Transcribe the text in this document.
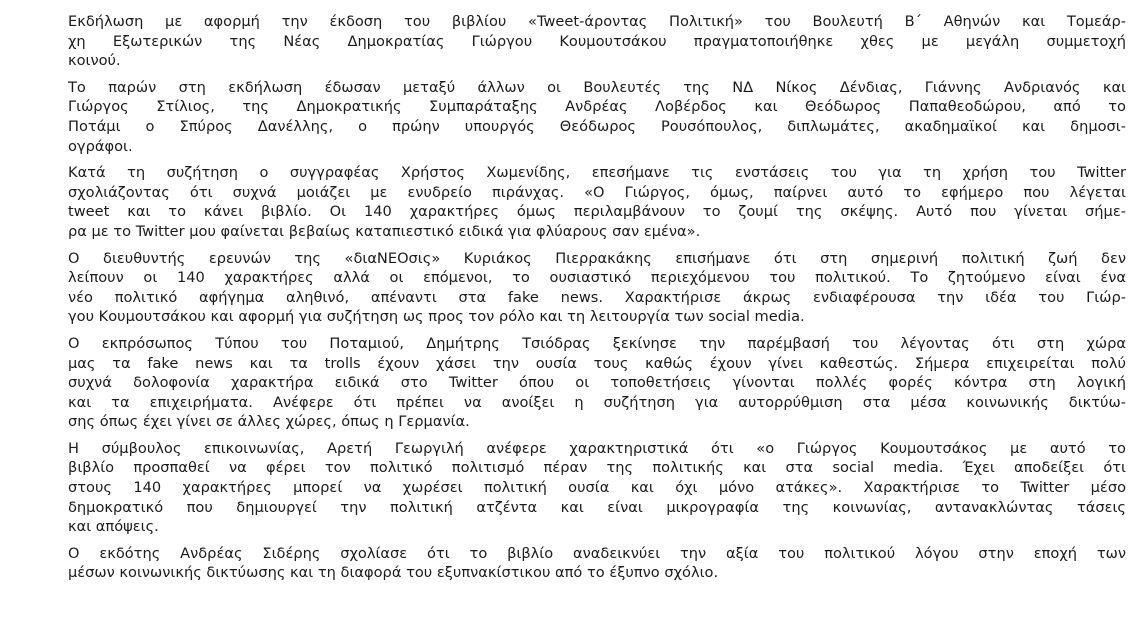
Εκδήλωση με αφορμή την έκδοση του βιβλίου «Tweet-άροντας Πολιτική» του Βουλευτή Β΄ Αθηνών και Τομεάρ-
χη Εξωτερικών της Νέας Δημοκρατίας Γιώργου Κουμουτσάκου πραγματοποιήθηκε χθες με μεγάλη συμμετοχή
κοινού.

Το παρών στη εκδήλωση έδωσαν μεταξύ άλλων οι Βουλευτές της ΝΔ Νίκος Δένδιας, Γιάννης Ανδριανός και
Γιώργος Στίλιος, της Δημοκρατικής Συμπαράταξης Ανδρέας Λοβέρδος και Θεόδωρος Παπαθεοδώρου, από το
Ποτάμι ο Σπύρος Δανέλλης, ο πρώην υπουργός Θεόδωρος Ρουσόπουλος, διπλωμάτες, ακαδημαϊκοί και δημοσι-
ογράφοι.

Κατά τη συζήτηση ο συγγραφέας Χρήστος Χωμενίδης, επεσήμανε τις ενστάσεις του για τη χρήση του Twitter
σχολιάζοντας ότι συχνά μοιάζει με ενυδρείο πιράνχας. «Ο Γιώργος, όμως, παίρνει αυτό το εφήμερο που λέγεται
tweet και το κάνει βιβλίο. Οι 140 χαρακτήρες όμως περιλαμβάνουν το ζουμί της σκέψης. Αυτό που γίνεται σήμε-
ρα με το Twitter μου φαίνεται βεβαίως καταπιεστικό ειδικά για φλύαρους σαν εμένα».

Ο διευθυντής ερευνών της «διαΝΕΟσις» Κυριάκος Πιερρακάκης επισήμανε ότι στη σημερινή πολιτική ζωή δεν
λείπουν οι 140 χαρακτήρες αλλά οι επόμενοι, το ουσιαστικό περιεχόμενου του πολιτικού. Το ζητούμενο είναι ένα
νέο πολιτικό αφήγημα αληθινό, απέναντι στα fake news. Χαρακτήρισε άκρως ενδιαφέρουσα την ιδέα του Γιώρ-
γου Κουμουτσάκου και αφορμή για συζήτηση ως προς τον ρόλο και τη λειτουργία των social media.

Ο εκπρόσωπος Τύπου του Ποταμιού, Δημήτρης Τσιόδρας ξεκίνησε την παρέμβασή του λέγοντας ότι στη χώρα
μας τα fake news και τα trolls έχουν χάσει την ουσία τους καθώς έχουν γίνει καθεστώς. Σήμερα επιχειρείται πολύ
συχνά δολοφονία χαρακτήρα ειδικά στο Twitter όπου οι τοποθετήσεις γίνονται πολλές φορές κόντρα στη λογική
και τα επιχειρήματα. Ανέφερε ότι πρέπει να ανοίξει η συζήτηση για αυτορρύθμιση στα μέσα κοινωνικής δικτύω-
σης όπως έχει γίνει σε άλλες χώρες, όπως η Γερμανία.

Η σύμβουλος επικοινωνίας, Αρετή Γεωργιλή ανέφερε χαρακτηριστικά ότι «ο Γιώργος Κουμουτσάκος με αυτό το
βιβλίο προσπαθεί να φέρει τον πολιτικό πολιτισμό πέραν της πολιτικής και στα social media. Έχει αποδείξει ότι
στους 140 χαρακτήρες μπορεί να χωρέσει πολιτική ουσία και όχι μόνο ατάκες». Χαρακτήρισε το Twitter μέσο
δημοκρατικό που δημιουργεί την πολιτική ατζέντα και είναι μικρογραφία της κοινωνίας, αντανακλώντας τάσεις
και απόψεις.

Ο εκδότης Ανδρέας Σιδέρης σχολίασε ότι το βιβλίο αναδεικνύει την αξία του πολιτικού λόγου στην εποχή των
μέσων κοινωνικής δικτύωσης και τη διαφορά του εξυπνακίστικου από το έξυπνο σχόλιο.
